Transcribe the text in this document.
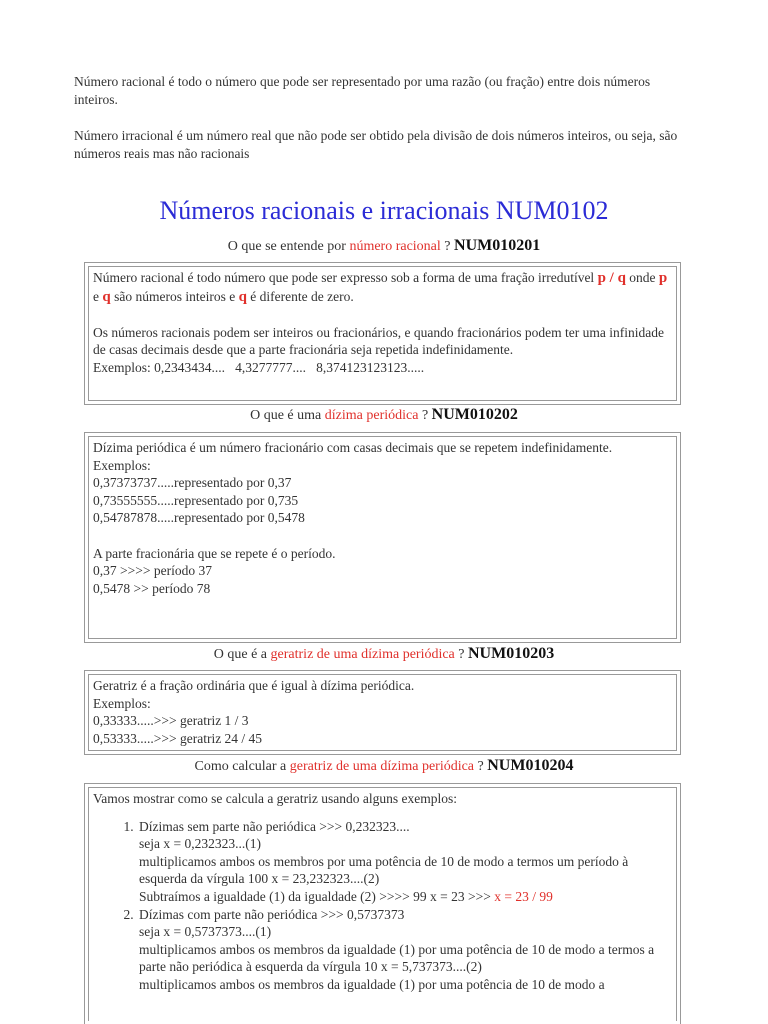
Número racional é todo o número que pode ser representado por uma razão (ou fração) entre dois números inteiros.
Número irracional é um número real que não pode ser obtido pela divisão de dois números inteiros, ou seja, são números reais mas não racionais
Números racionais e irracionais NUM0102
O que se entende por número racional ? NUM010201
Número racional é todo número que pode ser expresso sob a forma de uma fração irredutível p / q onde p e q são números inteiros e q é diferente de zero.
Os números racionais podem ser inteiros ou fracionários, e quando fracionários podem ter uma infinidade de casas decimais desde que a parte fracionária seja repetida indefinidamente.
Exemplos: 0,2343434....   4,3277777....   8,374123123123.....
O que é uma dízima periódica ? NUM010202
Dízima periódica é um número fracionário com casas decimais que se repetem indefinidamente.
Exemplos:
0,37373737.....representado por 0,37
0,73555555.....representado por 0,735
0,54787878.....representado por 0,5478
A parte fracionária que se repete é o período.
0,37 >>>> período 37
0,5478 >> período 78
O que é a geratriz de uma dízima periódica ? NUM010203
Geratriz é a fração ordinária que é igual à dízima periódica.
Exemplos:
0,33333.....>>> geratriz 1 / 3
0,53333.....>>> geratriz 24 / 45
Como calcular a geratriz de uma dízima periódica ? NUM010204
Vamos mostrar como se calcula a geratriz usando alguns exemplos:
1. Dízimas sem parte não periódica >>> 0,232323....
seja x = 0,232323...(1)
multiplicamos ambos os membros por uma potência de 10 de modo a termos um período à esquerda da vírgula 100 x = 23,232323....(2)
Subtraímos a igualdade (1) da igualdade (2) >>>> 99 x = 23 >>> x = 23 / 99
2. Dízimas com parte não periódica >>> 0,5737373
seja x = 0,5737373....(1)
multiplicamos ambos os membros da igualdade (1) por uma potência de 10 de modo a termos a parte não periódica à esquerda da vírgula 10 x = 5,737373....(2)
multiplicamos ambos os membros da igualdade (1) por uma potência de 10 de modo a
